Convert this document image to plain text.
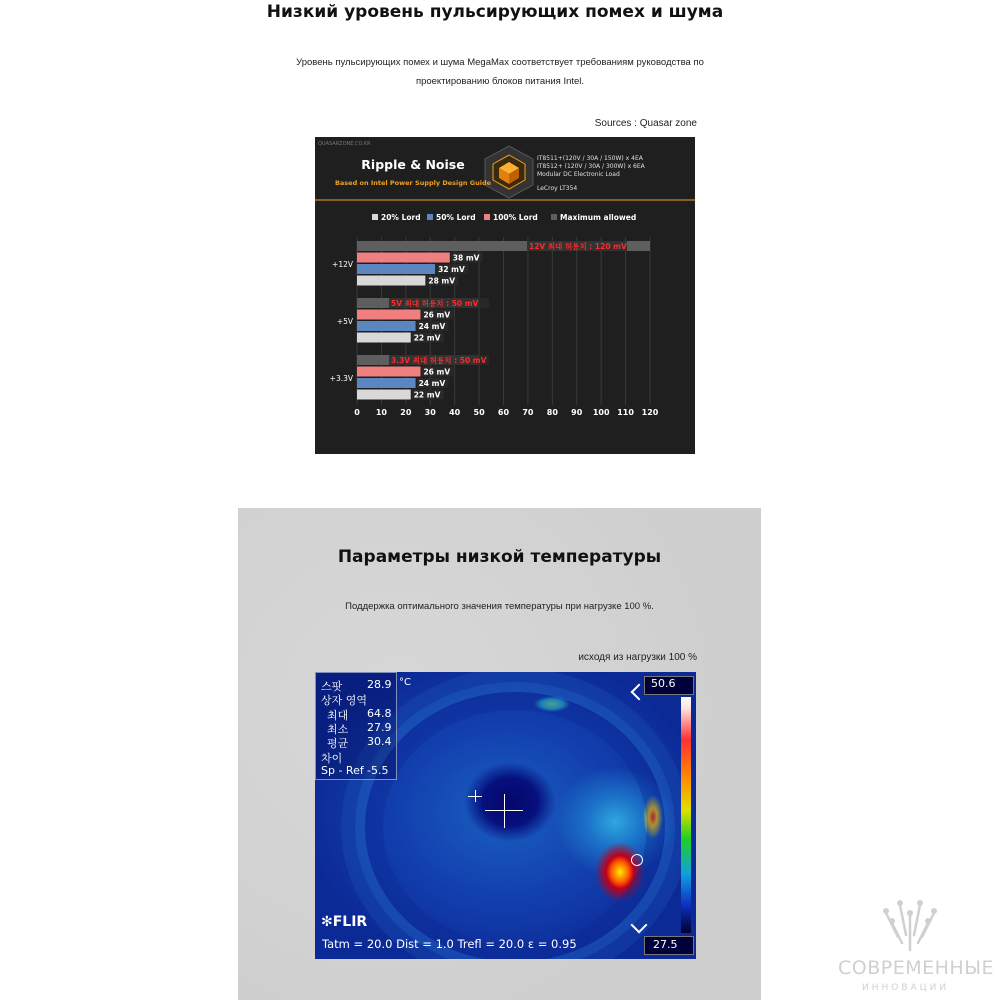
Низкий уровень пульсирующих помех и шума
Уровень пульсирующих помех и шума MegaMax соответствует требованиям руководства по
проектированию блоков питания Intel.
Sources : Quasar zone
QUASARZONE.CO.KR
Ripple & Noise
Based on Intel Power Supply Design Guide
IT8511+(120V / 30A / 150W) x 4EA
IT8512+ (120V / 30A / 300W) x 6EA
Modular DC Electronic Load
LeCroy LT354
20% Lord 50% Lord 100% Lord	Maximum allowed
12V 최대 허용치 : 120 mV
38 mV
32 mV
28 mV
5V 최대 허용치 : 50 mV
26 mV
24 mV
22 mV
3.3V 최대 허용치 : 50 mV
26 mV
24 mV
22 mV
0 10 20 30 40 50 60 70 80 90 100 110 120
+12V
+5V
+3.3V
Параметры низкой температуры
Поддержка оптимального значения температуры при нагрузке 100 %.
исходя из нагрузки 100 %
°C	50.6
27.5
✻FLIR
Tatm = 20.0 Dist = 1.0 Trefl = 20.0 ε = 0.95
스팟 28.9
상자 영역
최대 64.8
최소 27.9
평균 30.4
차이
Sp - Ref -5.5
СОВРЕМЕННЫЕ
ИННОВАЦИИ
